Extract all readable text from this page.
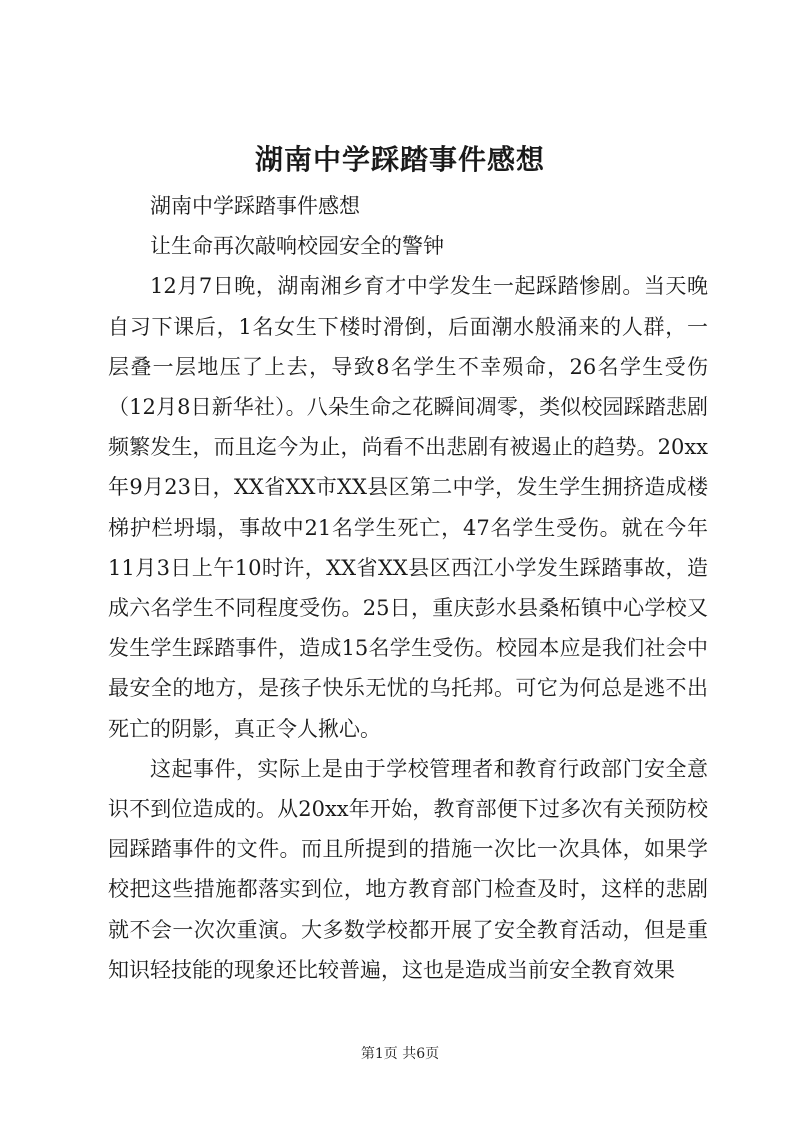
湖南中学踩踏事件感想

湖南中学踩踏事件感想

让生命再次敲响校园安全的警钟

12月7日晚，湖南湘乡育才中学发生一起踩踏惨剧。当天晚自习下课后，1名女生下楼时滑倒，后面潮水般涌来的人群，一层叠一层地压了上去，导致8名学生不幸殒命，26名学生受伤（12月8日新华社）。八朵生命之花瞬间凋零，类似校园踩踏悲剧频繁发生，而且迄今为止，尚看不出悲剧有被遏止的趋势。20xx年9月23日，XX省XX市XX县区第二中学，发生学生拥挤造成楼梯护栏坍塌，事故中21名学生死亡，47名学生受伤。就在今年11月3日上午10时许，XX省XX县区西江小学发生踩踏事故，造成六名学生不同程度受伤。25日，重庆彭水县桑柘镇中心学校又发生学生踩踏事件，造成15名学生受伤。校园本应是我们社会中最安全的地方，是孩子快乐无忧的乌托邦。可它为何总是逃不出死亡的阴影，真正令人揪心。

这起事件，实际上是由于学校管理者和教育行政部门安全意识不到位造成的。从20xx年开始，教育部便下过多次有关预防校园踩踏事件的文件。而且所提到的措施一次比一次具体，如果学校把这些措施都落实到位，地方教育部门检查及时，这样的悲剧就不会一次次重演。大多数学校都开展了安全教育活动，但是重知识轻技能的现象还比较普遍，这也是造成当前安全教育效果

第1页 共6页
